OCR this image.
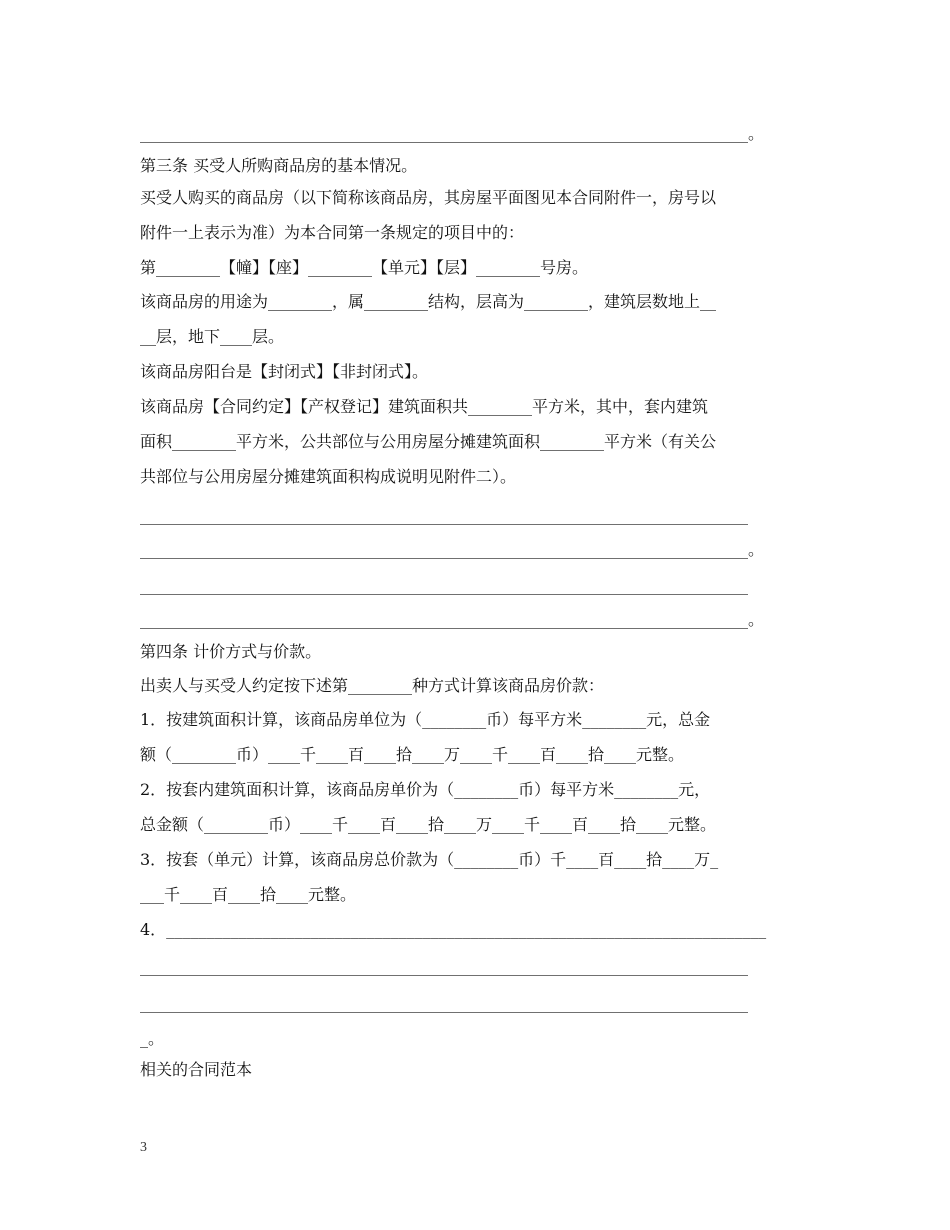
____________________________________________________________________________。
第三条 买受人所购商品房的基本情况。
买受人购买的商品房（以下简称该商品房，其房屋平面图见本合同附件一，房号以
附件一上表示为准）为本合同第一条规定的项目中的：
第________【幢】【座】________【单元】【层】________号房。
该商品房的用途为________，属________结构，层高为________，建筑层数地上__
__层，地下____层。
该商品房阳台是【封闭式】【非封闭式】。
该商品房【合同约定】【产权登记】建筑面积共________平方米，其中，套内建筑
面积________平方米，公共部位与公用房屋分摊建筑面积________平方米（有关公
共部位与公用房屋分摊建筑面积构成说明见附件二）。
____________________________________________________________________________
____________________________________________________________________________。
____________________________________________________________________________
____________________________________________________________________________。
第四条 计价方式与价款。
出卖人与买受人约定按下述第________种方式计算该商品房价款：
1．按建筑面积计算，该商品房单位为（________币）每平方米________元，总金
额（________币）____千____百____拾____万____千____百____拾____元整。
2．按套内建筑面积计算，该商品房单价为（________币）每平方米________元，
总金额（________币）____千____百____拾____万____千____百____拾____元整。
3．按套（单元）计算，该商品房总价款为（________币）千____百____拾____万_
___千____百____拾____元整。
4．___________________________________________________________________________
____________________________________________________________________________
____________________________________________________________________________
_。
相关的合同范本
3
